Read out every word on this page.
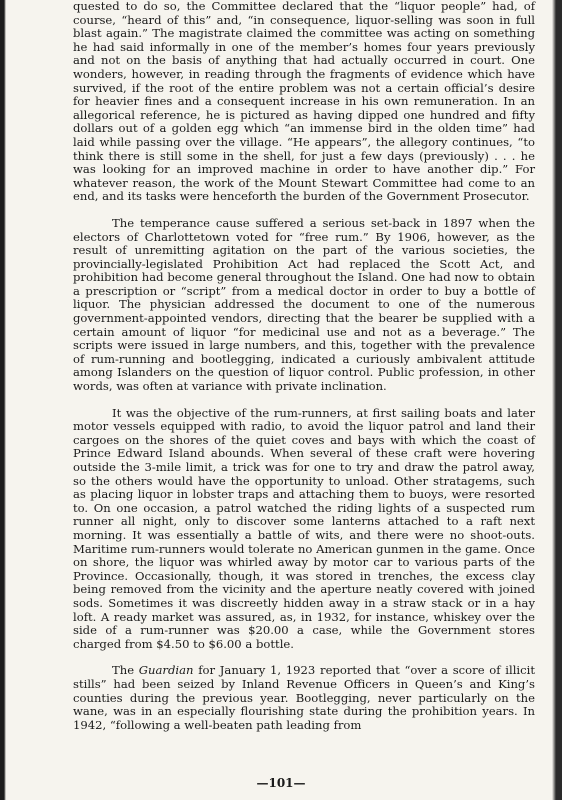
quested to do so, the Committee declared that the “liquor people” had, of course, “heard of this” and, “in consequence, liquor-selling was soon in full blast again.” The magistrate claimed the committee was acting on something he had said informally in one of the member’s homes four years previously and not on the basis of anything that had actually occurred in court. One wonders, however, in reading through the fragments of evidence which have survived, if the root of the entire problem was not a certain official’s desire for heavier fines and a consequent increase in his own remuneration. In an allegorical reference, he is pictured as having dipped one hundred and fifty dollars out of a golden egg which “an immense bird in the olden time” had laid while passing over the village. “He appears”, the allegory continues, “to think there is still some in the shell, for just a few days (previously) . . . he was looking for an improved machine in order to have another dip.” For whatever reason, the work of the Mount Stewart Committee had come to an end, and its tasks were henceforth the burden of the Government Prosecutor.

The temperance cause suffered a serious set-back in 1897 when the electors of Charlottetown voted for “free rum.” By 1906, however, as the result of unremitting agitation on the part of the various societies, the provincially-legislated Prohibition Act had replaced the Scott Act, and prohibition had become general throughout the Island. One had now to obtain a prescription or “script” from a medical doctor in order to buy a bottle of liquor. The physician addressed the document to one of the numerous government-appointed vendors, directing that the bearer be supplied with a certain amount of liquor “for medicinal use and not as a beverage.” The scripts were issued in large numbers, and this, together with the prevalence of rum-running and bootlegging, indicated a curiously ambivalent attitude among Islanders on the question of liquor control. Public profession, in other words, was often at variance with private inclination.

It was the objective of the rum-runners, at first sailing boats and later motor vessels equipped with radio, to avoid the liquor patrol and land their cargoes on the shores of the quiet coves and bays with which the coast of Prince Edward Island abounds. When several of these craft were hovering outside the 3-mile limit, a trick was for one to try and draw the patrol away, so the others would have the opportunity to unload. Other stratagems, such as placing liquor in lobster traps and attaching them to buoys, were resorted to. On one occasion, a patrol watched the riding lights of a suspected rum runner all night, only to discover some lanterns attached to a raft next morning. It was essentially a battle of wits, and there were no shoot-outs. Maritime rum-runners would tolerate no American gunmen in the game. Once on shore, the liquor was whirled away by motor car to various parts of the Province. Occasionally, though, it was stored in trenches, the excess clay being removed from the vicinity and the aperture neatly covered with joined sods. Sometimes it was discreetly hidden away in a straw stack or in a hay loft. A ready market was assured, as, in 1932, for instance, whiskey over the side of a rum-runner was $20.00 a case, while the Government stores charged from $4.50 to $6.00 a bottle.

The Guardian for January 1, 1923 reported that “over a score of illicit stills” had been seized by Inland Revenue Officers in Queen’s and King’s counties during the previous year. Bootlegging, never particularly on the wane, was in an especially flourishing state during the prohibition years. In 1942, “following a well-beaten path leading from

—101—
